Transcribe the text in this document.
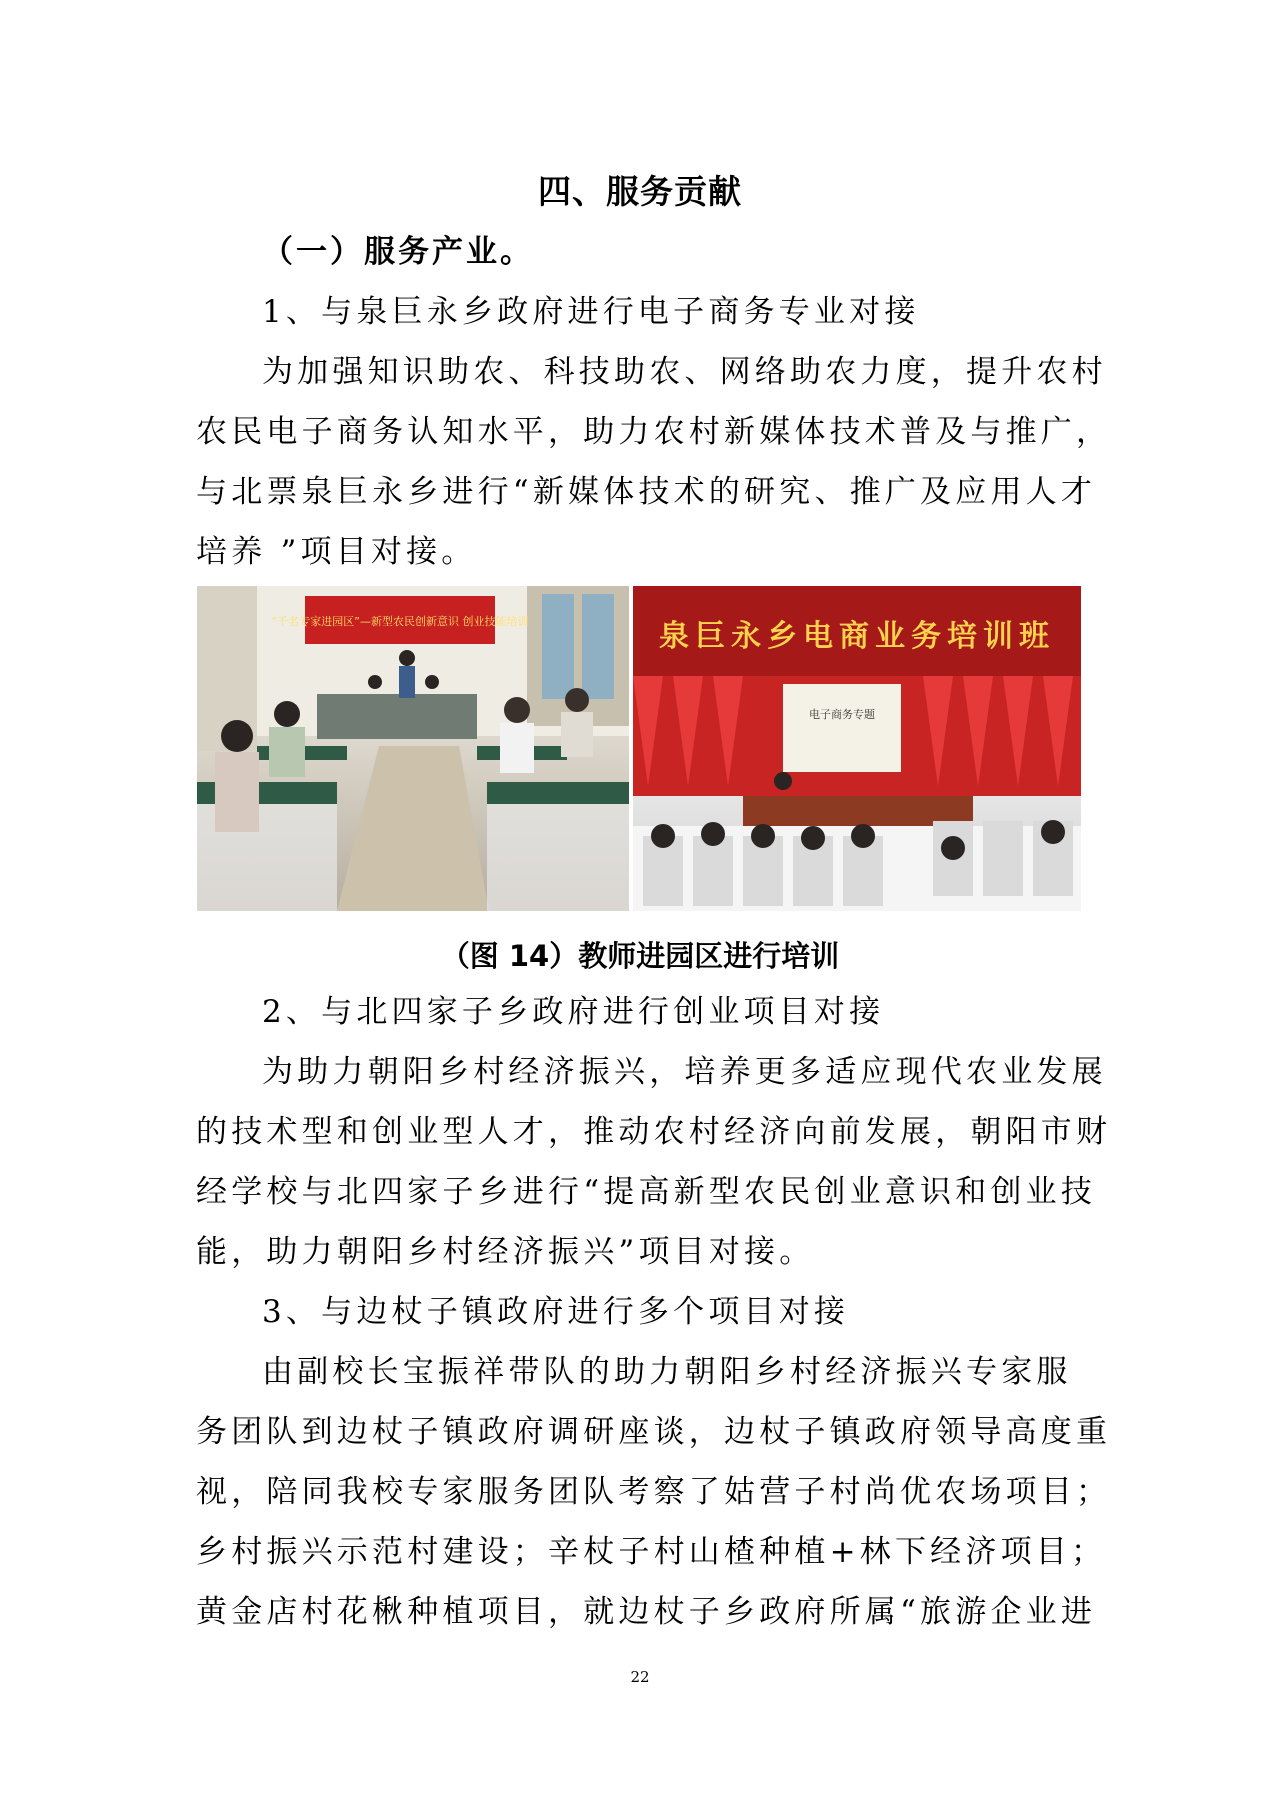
四、服务贡献
（一）服务产业。
1、与泉巨永乡政府进行电子商务专业对接
为加强知识助农、科技助农、网络助农力度，提升农村
农民电子商务认知水平，助力农村新媒体技术普及与推广，
与北票泉巨永乡进行“新媒体技术的研究、推广及应用人才
培养 ”项目对接。
“千名专家进园区”—新型农民创新意识 创业技能培训	泉巨永乡电商业务培训班
电子商务专题
（图 14）教师进园区进行培训
2、与北四家子乡政府进行创业项目对接
为助力朝阳乡村经济振兴，培养更多适应现代农业发展
的技术型和创业型人才，推动农村经济向前发展，朝阳市财
经学校与北四家子乡进行“提高新型农民创业意识和创业技
能，助力朝阳乡村经济振兴”项目对接。
3、与边杖子镇政府进行多个项目对接
由副校长宝振祥带队的助力朝阳乡村经济振兴专家服
务团队到边杖子镇政府调研座谈，边杖子镇政府领导高度重
视，陪同我校专家服务团队考察了姑营子村尚优农场项目；
乡村振兴示范村建设；辛杖子村山楂种植+林下经济项目；
黄金店村花楸种植项目，就边杖子乡政府所属“旅游企业进
22
